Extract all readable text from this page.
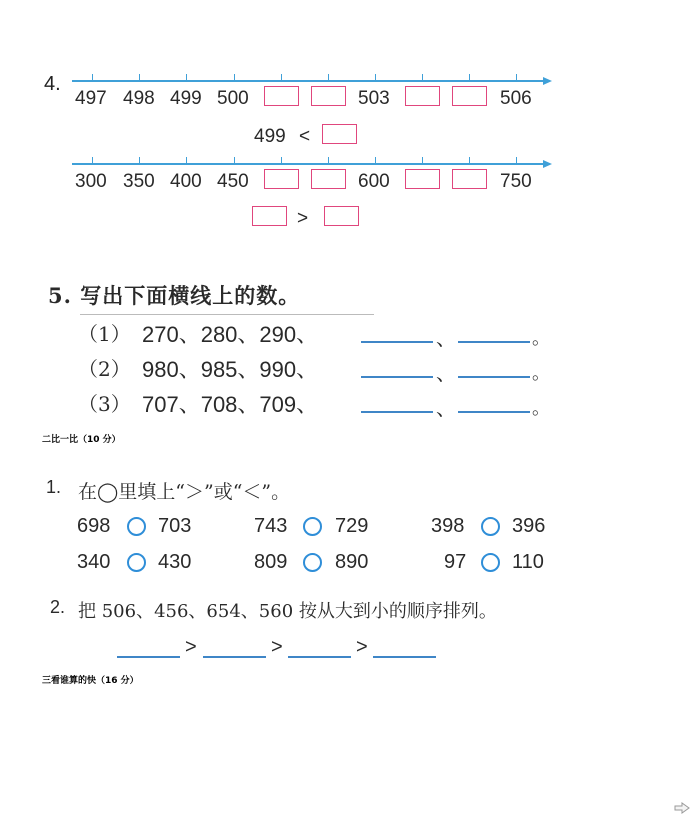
4.
497 498 499 500	503	506
499 <
300 350 400 450	600	750
>
5. 写出下面横线上的数。
（1） 270、280、290、	、	。
（2） 980、985、990、	、	。
（3） 707、708、709、	、	。
二比一比（10 分）
1. 在◯里填上“＞”或“＜”。
698 703	743 729	398 396
340 430	809 890	97 110
2. 把 506、456、654、560 按从大到小的顺序排列。
>	>	>
三看谁算的快（16 分）
